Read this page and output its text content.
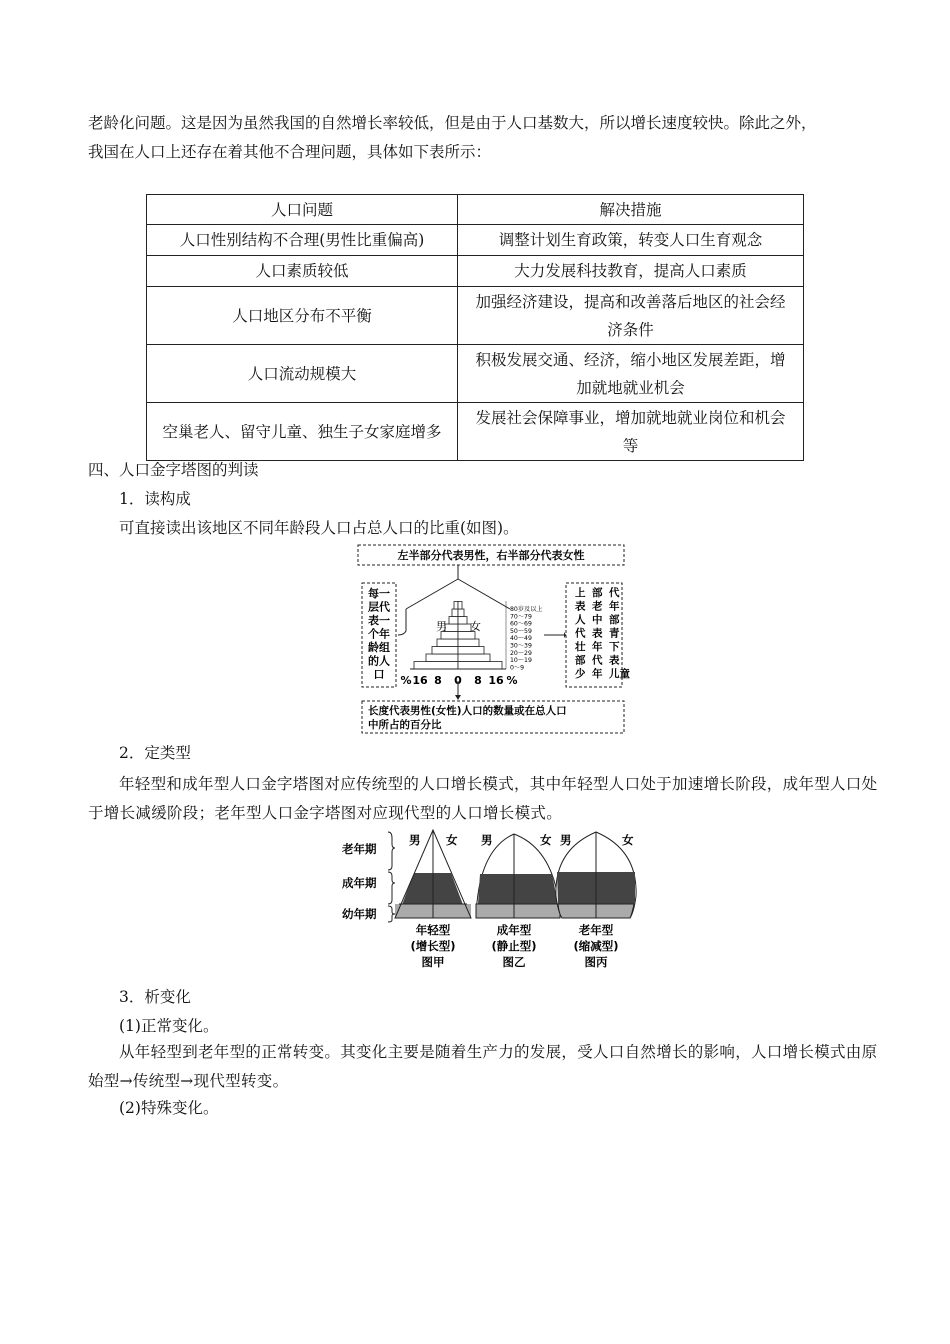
老龄化问题。这是因为虽然我国的自然增长率较低，但是由于人口基数大，所以增长速度较快。除此之外，
我国在人口上还存在着其他不合理问题，具体如下表所示：
人口问题	解决措施
人口性别结构不合理(男性比重偏高)	调整计划生育政策，转变人口生育观念
人口素质较低	大力发展科技教育，提高人口素质
人口地区分布不平衡	加强经济建设，提高和改善落后地区的社会经济条件
人口流动规模大	积极发展交通、经济，缩小地区发展差距，增加就地就业机会
空巢老人、留守儿童、独生子女家庭增多	发展社会保障事业，增加就地就业岗位和机会等
四、人口金字塔图的判读
1．读构成
可直接读出该地区不同年龄段人口占总人口的比重(如图)。
左半部分代表男性，右半部分代表女性
每一
层代
表一
个年
龄组
的人
口
男 女
80岁及以上
70～79
60～69
50～59
40～49
30～39
20～29
10～19
0～9
% 16 8 0 8 16 %
上
表
人
代
壮
部
少
部
老
中
表
年
代
年
代
年
部
青
下
表
儿童
长度代表男性(女性)人口的数量或在总人口
中所占的百分比
2．定类型
年轻型和成年型人口金字塔图对应传统型的人口增长模式，其中年轻型人口处于加速增长阶段，成年型人口处于增长减缓阶段；老年型人口金字塔图对应现代型的人口增长模式。
老年期
成年期
幼年期
男 女 男	女 男	女
年轻型
(增长型)
图甲
成年型
(静止型)
图乙
老年型
(缩减型)
图丙
3．析变化
(1)正常变化。
从年轻型到老年型的正常转变。其变化主要是随着生产力的发展，受人口自然增长的影响，人口增长模式由原始型→传统型→现代型转变。
(2)特殊变化。
